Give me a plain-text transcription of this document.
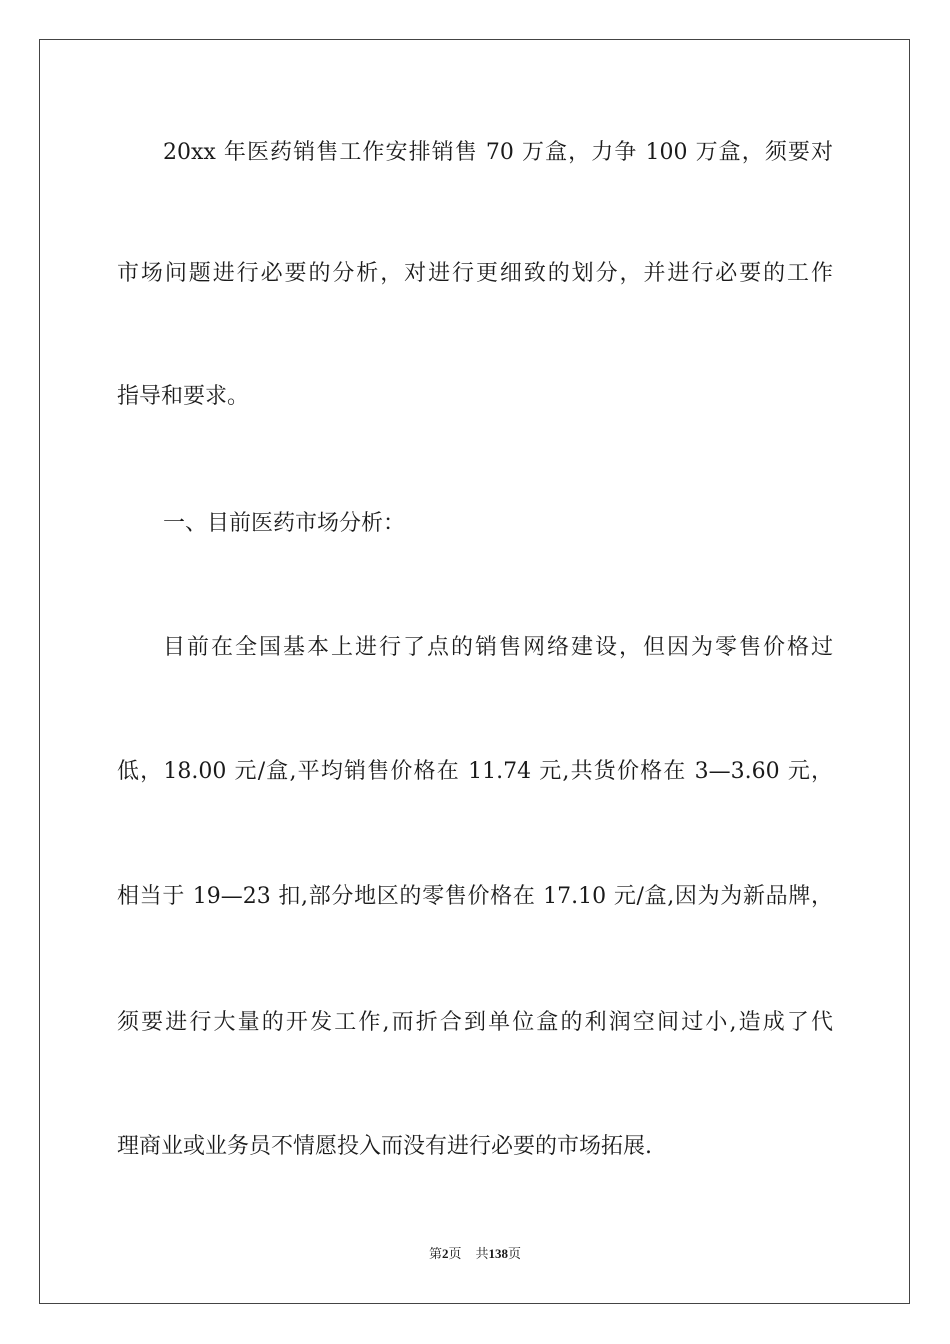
20xx 年医药销售工作安排销售 70 万盒，力争 100 万盒，须要对
市场问题进行必要的分析，对进行更细致的划分，并进行必要的工作
指导和要求。
一、目前医药市场分析：
目前在全国基本上进行了点的销售网络建设，但因为零售价格过
低，18.00 元/盒,平均销售价格在 11.74 元,共货价格在 3—3.60 元，
相当于 19—23 扣,部分地区的零售价格在 17.10 元/盒,因为为新品牌，
须要进行大量的开发工作,而折合到单位盒的利润空间过小,造成了代
理商业或业务员不情愿投入而没有进行必要的市场拓展.
第2页 共138页
